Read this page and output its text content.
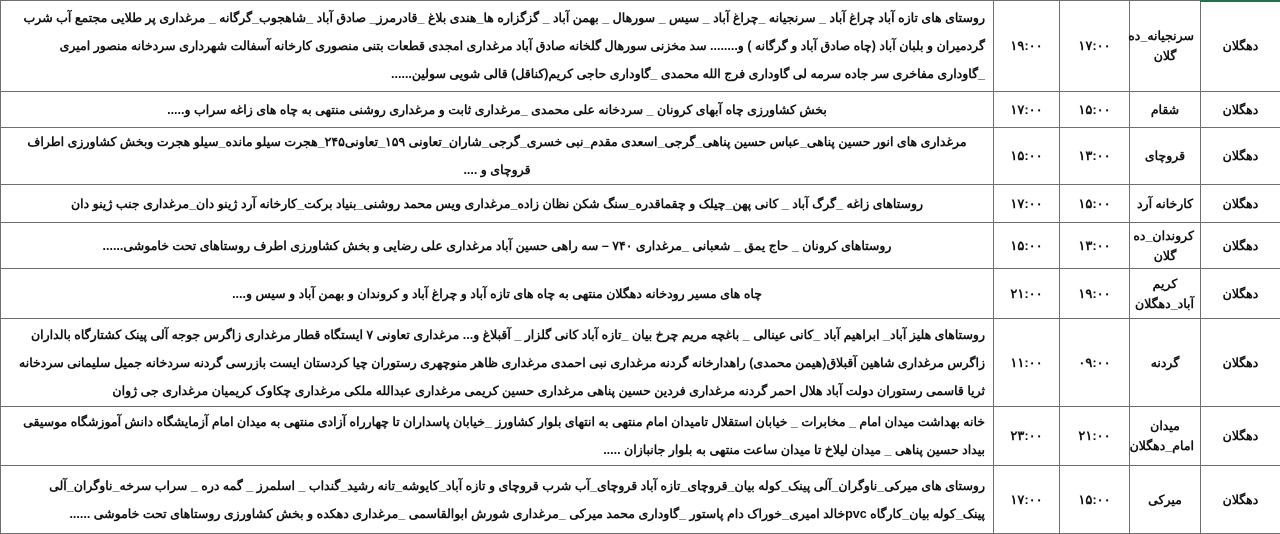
دهگلان	سرنجیانه_ده گلان	۱۷:۰۰	۱۹:۰۰	روستای های تازه آباد چراغ آباد _ سرنجیانه _چراغ آباد _ سیس _ سورهال _ بهمن آباد _ گزگزاره ها_هندی بلاغ _قادرمرز_ صادق آباد _شاهجوب_گرگانه _ مرغداری پر طلایی مجتمع آب شرب گردمیران و بلبان آباد (چاه صادق آباد و گرگانه ) و........ سد مخزنی سورهال گلخانه صادق آباد مرغداری امجدی قطعات بتنی منصوری کارخانه آسفالت شهرداری سردخانه منصور امیری _گاوداری مفاخری سر جاده سرمه لی گاوداری فرج الله محمدی _گاوداری حاجی کریم(کناقل) قالی شویی سولین......
دهگلان	شقام	۱۵:۰۰	۱۷:۰۰	بخش کشاورزی چاه آبهای کرونان _ سردخانه علی محمدی _مرغداری ثابت و مرغداری روشنی منتهی به چاه های زاغه سراب و.....
دهگلان	قروچای	۱۳:۰۰	۱۵:۰۰	مرغداری های انور حسین پناهی_عباس حسین پناهی_گرجی_اسعدی مقدم_نبی خسری_گرجی_شاران_تعاونی ۱۵۹_تعاونی۲۴۵_هجرت سیلو مانده_سیلو هجرت وبخش کشاورزی اطراف قروچای و ....
دهگلان	کارخانه آرد	۱۵:۰۰	۱۷:۰۰	روستاهای زاغه _گرگ آباد _ کانی پهن_چیلک و چقماقدره_سنگ شکن نظان زاده_مرغداری ویس محمد روشنی_بنیاد برکت_کارخانه آرد ژینو دان_مرغداری جنب ژینو دان
دهگلان	کروندان_ده گلان	۱۳:۰۰	۱۵:۰۰	روستاهای کرونان _ حاج یمق _ شعبانی _مرغداری ۷۴۰ – سه راهی حسین آباد مرغداری علی رضایی و بخش کشاورزی اطرف روستاهای تحت خاموشی......
دهگلان	کریم آباد_دهگلان	۱۹:۰۰	۲۱:۰۰	چاه های مسیر رودخانه دهگلان منتهی به چاه های تازه آباد و چراغ آباد و کروندان و بهمن آباد و سیس و....
دهگلان	گردنه	۰۹:۰۰	۱۱:۰۰	روستاهای هلیز آباد_ ابراهیم آباد _کانی عینالی _ باغچه مریم چرخ بیان _تازه آباد کانی گلزار _ آقبلاغ و... مرغداری تعاونی ۷ ایستگاه قطار مرغداری زاگرس جوجه آلی پینک کشتارگاه بالداران زاگرس مرغداری شاهین آقبلاق(هیمن محمدی) راهدارخانه گردنه مرغداری نبی احمدی مرغداری ظاهر منوچهری رستوران چیا کردستان ایست بازرسی گردنه سردخانه جمیل سلیمانی سردخانه ثریا قاسمی رستوران دولت آباد هلال احمر گردنه مرغداری فردین حسین پناهی مرغداری حسین کریمی مرغداری عبدالله ملکی مرغداری چکاوک کریمیان مرغداری جی ژوان
دهگلان	میدان امام_دهگلان	۲۱:۰۰	۲۳:۰۰	خانه بهداشت میدان امام _ مخابرات _ خیابان استقلال تامیدان امام منتهی به انتهای بلوار کشاورز _خیابان پاسداران تا چهارراه آزادی منتهی به میدان امام آزمایشگاه دانش آموزشگاه موسیقی بیداد حسین پناهی _ میدان لیلاخ تا میدان ساعت منتهی به بلوار جانبازان .....
دهگلان	میرکی	۱۵:۰۰	۱۷:۰۰	روستای های میرکی_ناوگران_آلی پینک_کوله بیان_قروچای_تازه آباد قروچای_آب شرب قروچای و تازه آباد_کایوشه_تانه رشید_گنداب _ اسلمرز _ گمه دره _ سراب سرخه_ناوگران_آلی پینک_کوله بیان_کارگاه pvcخالد امیری_خوراک دام پاستور _گاوداری محمد میرکی _مرغداری شورش ابوالقاسمی _مرغداری دهکده و بخش کشاورزی روستاهای تحت خاموشی ......
